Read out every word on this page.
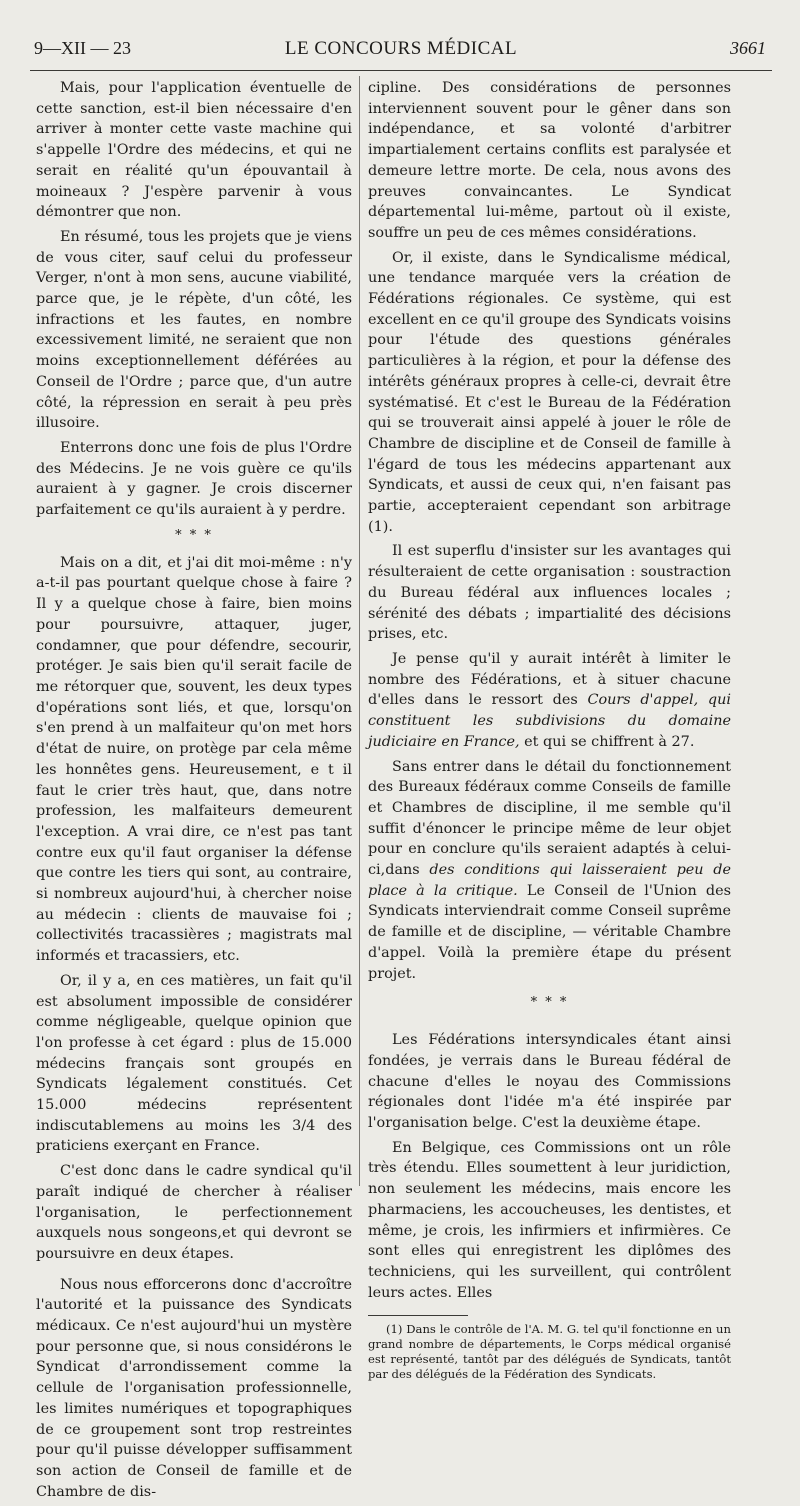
9—XII — 23	LE CONCOURS MÉDICAL	3661

Mais, pour l'application éventuelle de cette sanction, est-il bien nécessaire d'en arriver à monter cette vaste machine qui s'appelle l'Ordre des médecins, et qui ne serait en réalité qu'un épouvantail à moineaux ? J'espère parvenir à vous démontrer que non.

En résumé, tous les projets que je viens de vous citer, sauf celui du professeur Verger, n'ont à mon sens, aucune viabilité, parce que, je le répète, d'un côté, les infractions et les fautes, en nombre excessivement limité, ne seraient que non moins exceptionnellement déférées au Conseil de l'Ordre ; parce que, d'un autre côté, la répression en serait à peu près illusoire.

Enterrons donc une fois de plus l'Ordre des Médecins. Je ne vois guère ce qu'ils auraient à y gagner. Je crois discerner parfaitement ce qu'ils auraient à y perdre.

* * *

Mais on a dit, et j'ai dit moi-même : n'y a-t-il pas pourtant quelque chose à faire ? Il y a quelque chose à faire, bien moins pour poursuivre, attaquer, juger, condamner, que pour défendre, secourir, protéger. Je sais bien qu'il serait facile de me rétorquer que, souvent, les deux types d'opérations sont liés, et que, lorsqu'on s'en prend à un malfaiteur qu'on met hors d'état de nuire, on protège par cela même les honnêtes gens. Heureusement, e t il faut le crier très haut, que, dans notre profession, les malfaiteurs demeurent l'exception. A vrai dire, ce n'est pas tant contre eux qu'il faut organiser la défense que contre les tiers qui sont, au contraire, si nombreux aujourd'hui, à chercher noise au médecin : clients de mauvaise foi ; collectivités tracassières ; magistrats mal informés et tracassiers, etc.

Or, il y a, en ces matières, un fait qu'il est absolument impossible de considérer comme négligeable, quelque opinion que l'on professe à cet égard : plus de 15.000 médecins français sont groupés en Syndicats légalement constitués. Cet 15.000 médecins représentent indiscutablemens au moins les 3/4 des praticiens exerçant en France.

C'est donc dans le cadre syndical qu'il paraît indiqué de chercher à réaliser l'organisation, le perfectionnement auxquels nous songeons,et qui devront se poursuivre en deux étapes.

Nous nous efforcerons donc d'accroître l'autorité et la puissance des Syndicats médicaux. Ce n'est aujourd'hui un mystère pour personne que, si nous considérons le Syndicat d'arrondissement comme la cellule de l'organisation professionnelle, les limites numériques et topographiques de ce groupement sont trop restreintes pour qu'il puisse développer suffisamment son action de Conseil de famille et de Chambre de dis-

cipline. Des considérations de personnes interviennent souvent pour le gêner dans son indépendance, et sa volonté d'arbitrer impartialement certains conflits est paralysée et demeure lettre morte. De cela, nous avons des preuves convaincantes. Le Syndicat départemental lui-même, partout où il existe, souffre un peu de ces mêmes considérations.

Or, il existe, dans le Syndicalisme médical, une tendance marquée vers la création de Fédérations régionales. Ce système, qui est excellent en ce qu'il groupe des Syndicats voisins pour l'étude des questions générales particulières à la région, et pour la défense des intérêts généraux propres à celle-ci, devrait être systématisé. Et c'est le Bureau de la Fédération qui se trouverait ainsi appelé à jouer le rôle de Chambre de discipline et de Conseil de famille à l'égard de tous les médecins appartenant aux Syndicats, et aussi de ceux qui, n'en faisant pas partie, accepteraient cependant son arbitrage (1).

Il est superflu d'insister sur les avantages qui résulteraient de cette organisation : soustraction du Bureau fédéral aux influences locales ; sérénité des débats ; impartialité des décisions prises, etc.

Je pense qu'il y aurait intérêt à limiter le nombre des Fédérations, et à situer chacune d'elles dans le ressort des Cours d'appel, qui constituent les subdivisions du domaine judiciaire en France, et qui se chiffrent à 27.

Sans entrer dans le détail du fonctionnement des Bureaux fédéraux comme Conseils de famille et Chambres de discipline, il me semble qu'il suffit d'énoncer le principe même de leur objet pour en conclure qu'ils seraient adaptés à celui-ci,dans des conditions qui laisseraient peu de place à la critique. Le Conseil de l'Union des Syndicats interviendrait comme Conseil suprême de famille et de discipline, — véritable Chambre d'appel. Voilà la première étape du présent projet.

* * *

Les Fédérations intersyndicales étant ainsi fondées, je verrais dans le Bureau fédéral de chacune d'elles le noyau des Commissions régionales dont l'idée m'a été inspirée par l'organisation belge. C'est la deuxième étape.

En Belgique, ces Commissions ont un rôle très étendu. Elles soumettent à leur juridiction, non seulement les médecins, mais encore les pharmaciens, les accoucheuses, les dentistes, et même, je crois, les infirmiers et infirmières. Ce sont elles qui enregistrent les diplômes des techniciens, qui les surveillent, qui contrôlent leurs actes. Elles

(1) Dans le contrôle de l'A. M. G. tel qu'il fonctionne en un grand nombre de départements, le Corps médical organisé est représenté, tantôt par des délégués de Syndicats, tantôt par des délégués de la Fédération des Syndicats.
